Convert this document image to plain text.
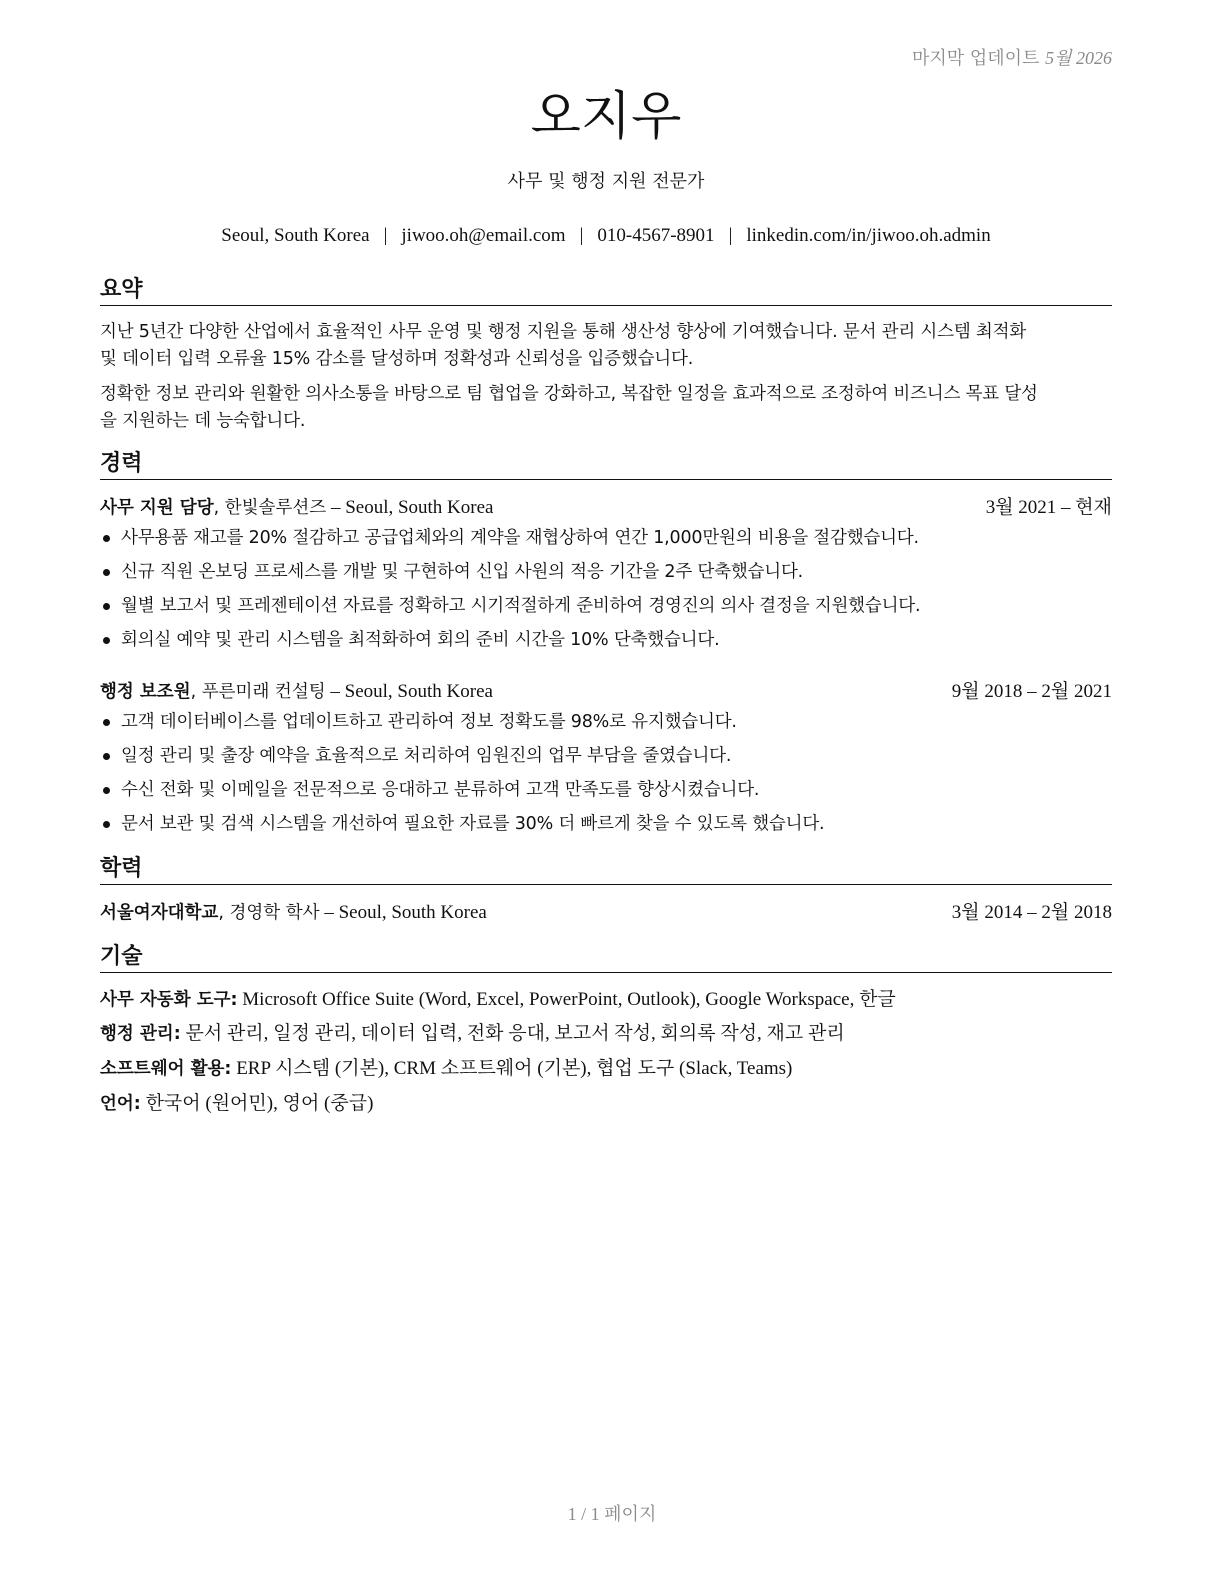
마지막 업데이트 5월 2026
오지우
사무 및 행정 지원 전문가
Seoul, South Korea | jiwoo.oh@email.com | 010-4567-8901 | linkedin.com/in/jiwoo.oh.admin
요약
지난 5년간 다양한 산업에서 효율적인 사무 운영 및 행정 지원을 통해 생산성 향상에 기여했습니다. 문서 관리 시스템 최적화
및 데이터 입력 오류율 15% 감소를 달성하며 정확성과 신뢰성을 입증했습니다.
정확한 정보 관리와 원활한 의사소통을 바탕으로 팀 협업을 강화하고, 복잡한 일정을 효과적으로 조정하여 비즈니스 목표 달성
을 지원하는 데 능숙합니다.
경력
사무 지원 담당, 한빛솔루션즈 – Seoul, South Korea	3월 2021 – 현재
사무용품 재고를 20% 절감하고 공급업체와의 계약을 재협상하여 연간 1,000만원의 비용을 절감했습니다.
신규 직원 온보딩 프로세스를 개발 및 구현하여 신입 사원의 적응 기간을 2주 단축했습니다.
월별 보고서 및 프레젠테이션 자료를 정확하고 시기적절하게 준비하여 경영진의 의사 결정을 지원했습니다.
회의실 예약 및 관리 시스템을 최적화하여 회의 준비 시간을 10% 단축했습니다.
행정 보조원, 푸른미래 컨설팅 – Seoul, South Korea	9월 2018 – 2월 2021
고객 데이터베이스를 업데이트하고 관리하여 정보 정확도를 98%로 유지했습니다.
일정 관리 및 출장 예약을 효율적으로 처리하여 임원진의 업무 부담을 줄였습니다.
수신 전화 및 이메일을 전문적으로 응대하고 분류하여 고객 만족도를 향상시켰습니다.
문서 보관 및 검색 시스템을 개선하여 필요한 자료를 30% 더 빠르게 찾을 수 있도록 했습니다.
학력
서울여자대학교, 경영학 학사 – Seoul, South Korea	3월 2014 – 2월 2018
기술
사무 자동화 도구: Microsoft Office Suite (Word, Excel, PowerPoint, Outlook), Google Workspace, 한글
행정 관리: 문서 관리, 일정 관리, 데이터 입력, 전화 응대, 보고서 작성, 회의록 작성, 재고 관리
소프트웨어 활용: ERP 시스템 (기본), CRM 소프트웨어 (기본), 협업 도구 (Slack, Teams)
언어: 한국어 (원어민), 영어 (중급)
1 / 1 페이지
